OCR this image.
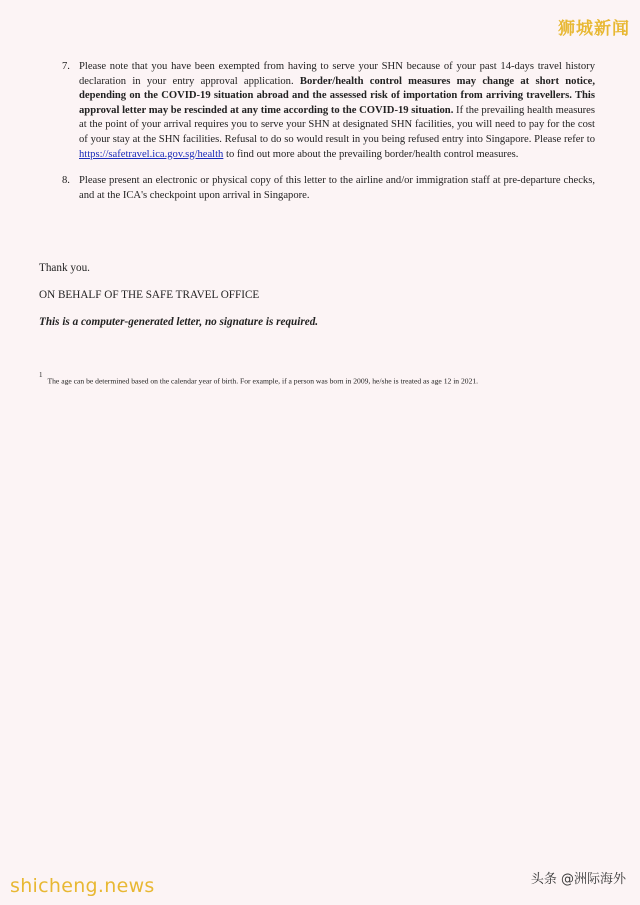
狮城新闻
7. Please note that you have been exempted from having to serve your SHN because of your past 14-days travel history declaration in your entry approval application. Border/health control measures may change at short notice, depending on the COVID-19 situation abroad and the assessed risk of importation from arriving travellers. This approval letter may be rescinded at any time according to the COVID-19 situation. If the prevailing health measures at the point of your arrival requires you to serve your SHN at designated SHN facilities, you will need to pay for the cost of your stay at the SHN facilities. Refusal to do so would result in you being refused entry into Singapore. Please refer to https://safetravel.ica.gov.sg/health to find out more about the prevailing border/health control measures.
8. Please present an electronic or physical copy of this letter to the airline and/or immigration staff at pre-departure checks, and at the ICA's checkpoint upon arrival in Singapore.
Thank you.
ON BEHALF OF THE SAFE TRAVEL OFFICE
This is a computer-generated letter, no signature is required.
$^1$The age can be determined based on the calendar year of birth. For example, if a person was born in 2009, he/she is treated as age 12 in 2021.
shicheng.news	头条 @洲际海外
